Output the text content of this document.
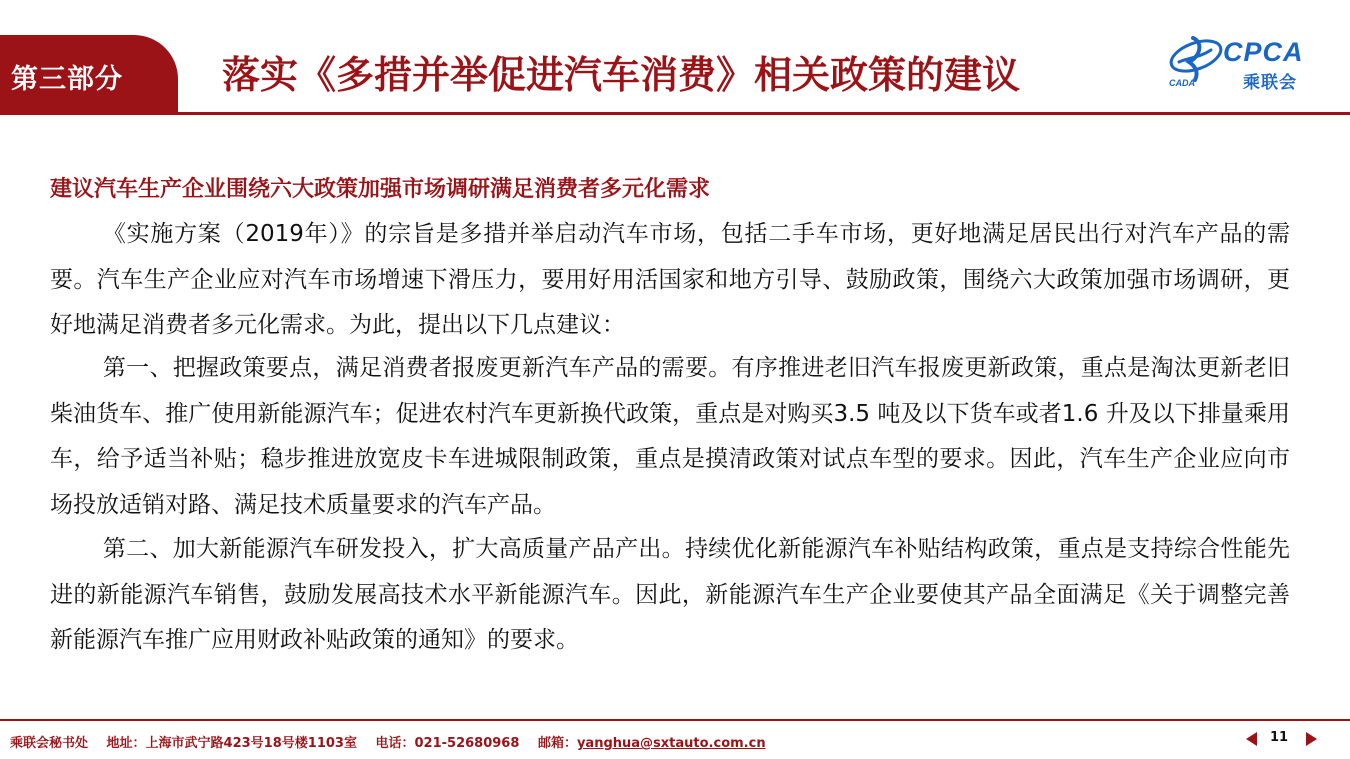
第三部分	落实《多措并举促进汽车消费》相关政策的建议
CPCA
乘联会
CADA
建议汽车生产企业围绕六大政策加强市场调研满足消费者多元化需求

《实施方案（2019年）》的宗旨是多措并举启动汽车市场，包括二手车市场，更好地满足居民出行对汽车产品的需要。汽车生产企业应对汽车市场增速下滑压力，要用好用活国家和地方引导、鼓励政策，围绕六大政策加强市场调研，更好地满足消费者多元化需求。为此，提出以下几点建议：

第一、把握政策要点，满足消费者报废更新汽车产品的需要。有序推进老旧汽车报废更新政策，重点是淘汰更新老旧柴油货车、推广使用新能源汽车；促进农村汽车更新换代政策，重点是对购买3.5 吨及以下货车或者1.6 升及以下排量乘用车，给予适当补贴；稳步推进放宽皮卡车进城限制政策，重点是摸清政策对试点车型的要求。因此，汽车生产企业应向市场投放适销对路、满足技术质量要求的汽车产品。

第二、加大新能源汽车研发投入，扩大高质量产品产出。持续优化新能源汽车补贴结构政策，重点是支持综合性能先进的新能源汽车销售，鼓励发展高技术水平新能源汽车。因此，新能源汽车生产企业要使其产品全面满足《关于调整完善新能源汽车推广应用财政补贴政策的通知》的要求。

乘联会秘书处 地址：上海市武宁路423号18号楼1103室 电话：021-52680968 邮箱：yanghua@sxtauto.com.cn	11
